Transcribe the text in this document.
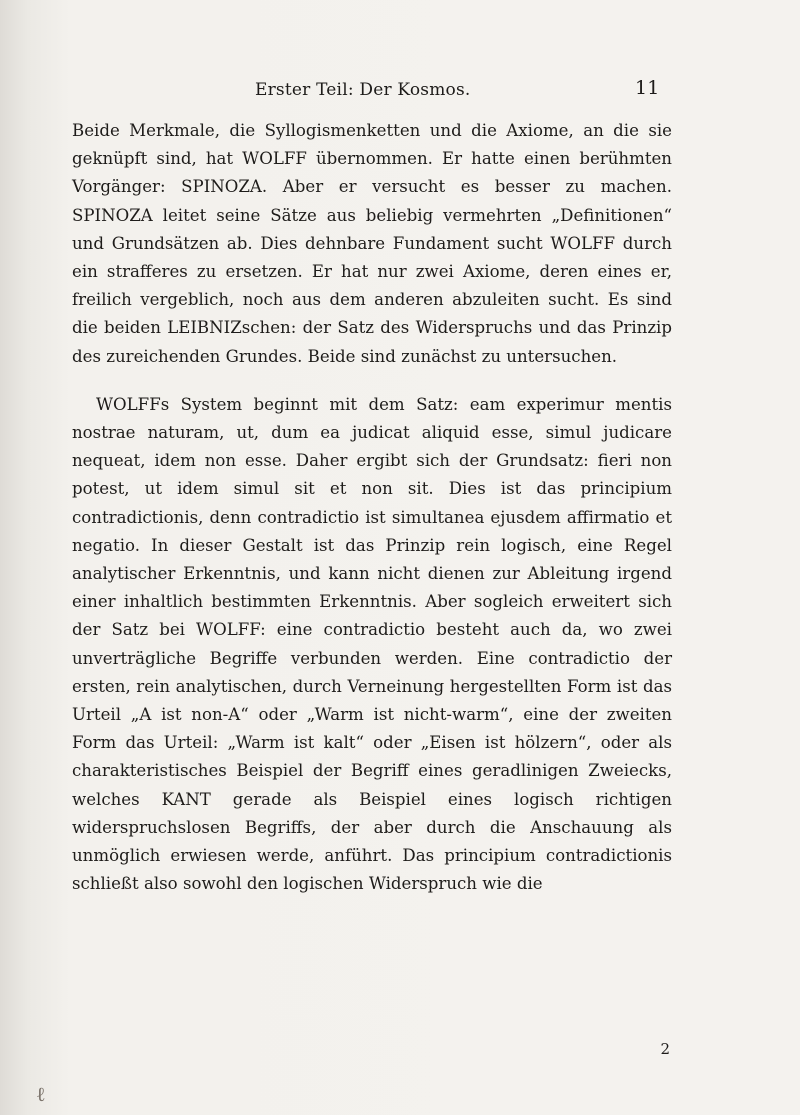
Erster Teil: Der Kosmos.	11

Beide Merkmale, die Syllogismenketten und die Axiome, an die sie geknüpft sind, hat WOLFF übernommen. Er hatte einen berühmten Vorgänger: SPINOZA. Aber er versucht es besser zu machen. SPINOZA leitet seine Sätze aus beliebig vermehrten „Definitionen“ und Grundsätzen ab. Dies dehnbare Fundament sucht WOLFF durch ein strafferes zu ersetzen. Er hat nur zwei Axiome, deren eines er, freilich vergeblich, noch aus dem anderen abzuleiten sucht. Es sind die beiden LEIBNIZschen: der Satz des Widerspruchs und das Prinzip des zureichenden Grundes. Beide sind zunächst zu untersuchen.

WOLFFs System beginnt mit dem Satz: eam experimur mentis nostrae naturam, ut, dum ea judicat aliquid esse, simul judicare nequeat, idem non esse. Daher ergibt sich der Grundsatz: fieri non potest, ut idem simul sit et non sit. Dies ist das principium contradictionis, denn contradictio ist simultanea ejusdem affirmatio et negatio. In dieser Gestalt ist das Prinzip rein logisch, eine Regel analytischer Erkenntnis, und kann nicht dienen zur Ableitung irgend einer inhaltlich bestimmten Erkenntnis. Aber sogleich erweitert sich der Satz bei WOLFF: eine contradictio besteht auch da, wo zwei unverträgliche Begriffe verbunden werden. Eine contradictio der ersten, rein analytischen, durch Verneinung hergestellten Form ist das Urteil „A ist non-A“ oder „Warm ist nicht-warm“, eine der zweiten Form das Urteil: „Warm ist kalt“ oder „Eisen ist hölzern“, oder als charakteristisches Beispiel der Begriff eines geradlinigen Zweiecks, welches KANT gerade als Beispiel eines logisch richtigen widerspruchslosen Begriffs, der aber durch die Anschauung als unmöglich erwiesen werde, anführt. Das principium contradictionis schließt also sowohl den logischen Widerspruch wie die

2
ℓ
